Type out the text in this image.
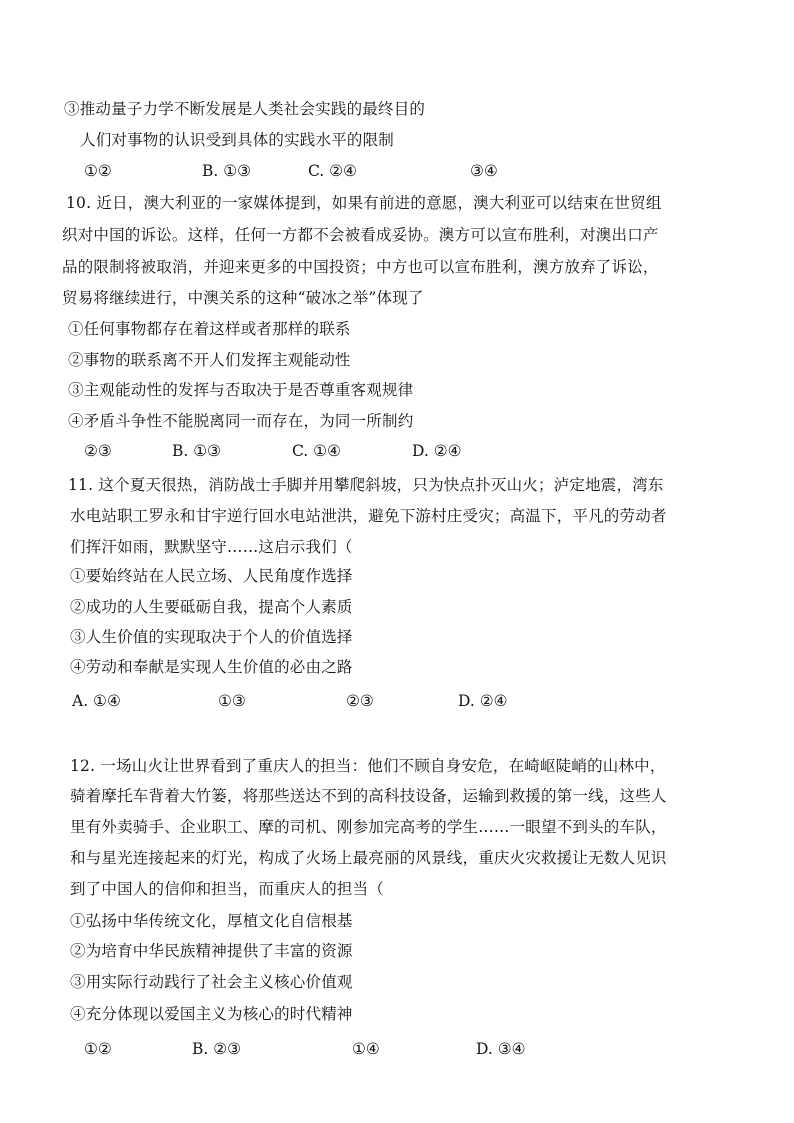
③推动量子力学不断发展是人类社会实践的最终目的
人们对事物的认识受到具体的实践水平的限制
①②	B. ①③	C. ②④	③④
10. 近日，澳大利亚的一家媒体提到，如果有前进的意愿，澳大利亚可以结束在世贸组
织对中国的诉讼。这样，任何一方都不会被看成妥协。澳方可以宣布胜利，对澳出口产
品的限制将被取消，并迎来更多的中国投资；中方也可以宣布胜利，澳方放弃了诉讼，
贸易将继续进行，中澳关系的这种“破冰之举”体现了
①任何事物都存在着这样或者那样的联系
②事物的联系离不开人们发挥主观能动性
③主观能动性的发挥与否取决于是否尊重客观规律
④矛盾斗争性不能脱离同一而存在，为同一所制约
②③	B. ①③	C. ①④	D. ②④
11. 这个夏天很热，消防战士手脚并用攀爬斜坡，只为快点扑灭山火；泸定地震，湾东
水电站职工罗永和甘宇逆行回水电站泄洪，避免下游村庄受灾；高温下，平凡的劳动者
们挥汗如雨，默默坚守……这启示我们（
①要始终站在人民立场、人民角度作选择
②成功的人生要砥砺自我，提高个人素质
③人生价值的实现取决于个人的价值选择
④劳动和奉献是实现人生价值的必由之路
A. ①④	①③	②③	D. ②④
12. 一场山火让世界看到了重庆人的担当：他们不顾自身安危，在崎岖陡峭的山林中，
骑着摩托车背着大竹篓，将那些送达不到的高科技设备，运输到救援的第一线，这些人
里有外卖骑手、企业职工、摩的司机、刚参加完高考的学生……一眼望不到头的车队，
和与星光连接起来的灯光，构成了火场上最亮丽的风景线，重庆火灾救援让无数人见识
到了中国人的信仰和担当，而重庆人的担当（
①弘扬中华传统文化，厚植文化自信根基
②为培育中华民族精神提供了丰富的资源
③用实际行动践行了社会主义核心价值观
④充分体现以爱国主义为核心的时代精神
①②	B. ②③	①④	D. ③④
